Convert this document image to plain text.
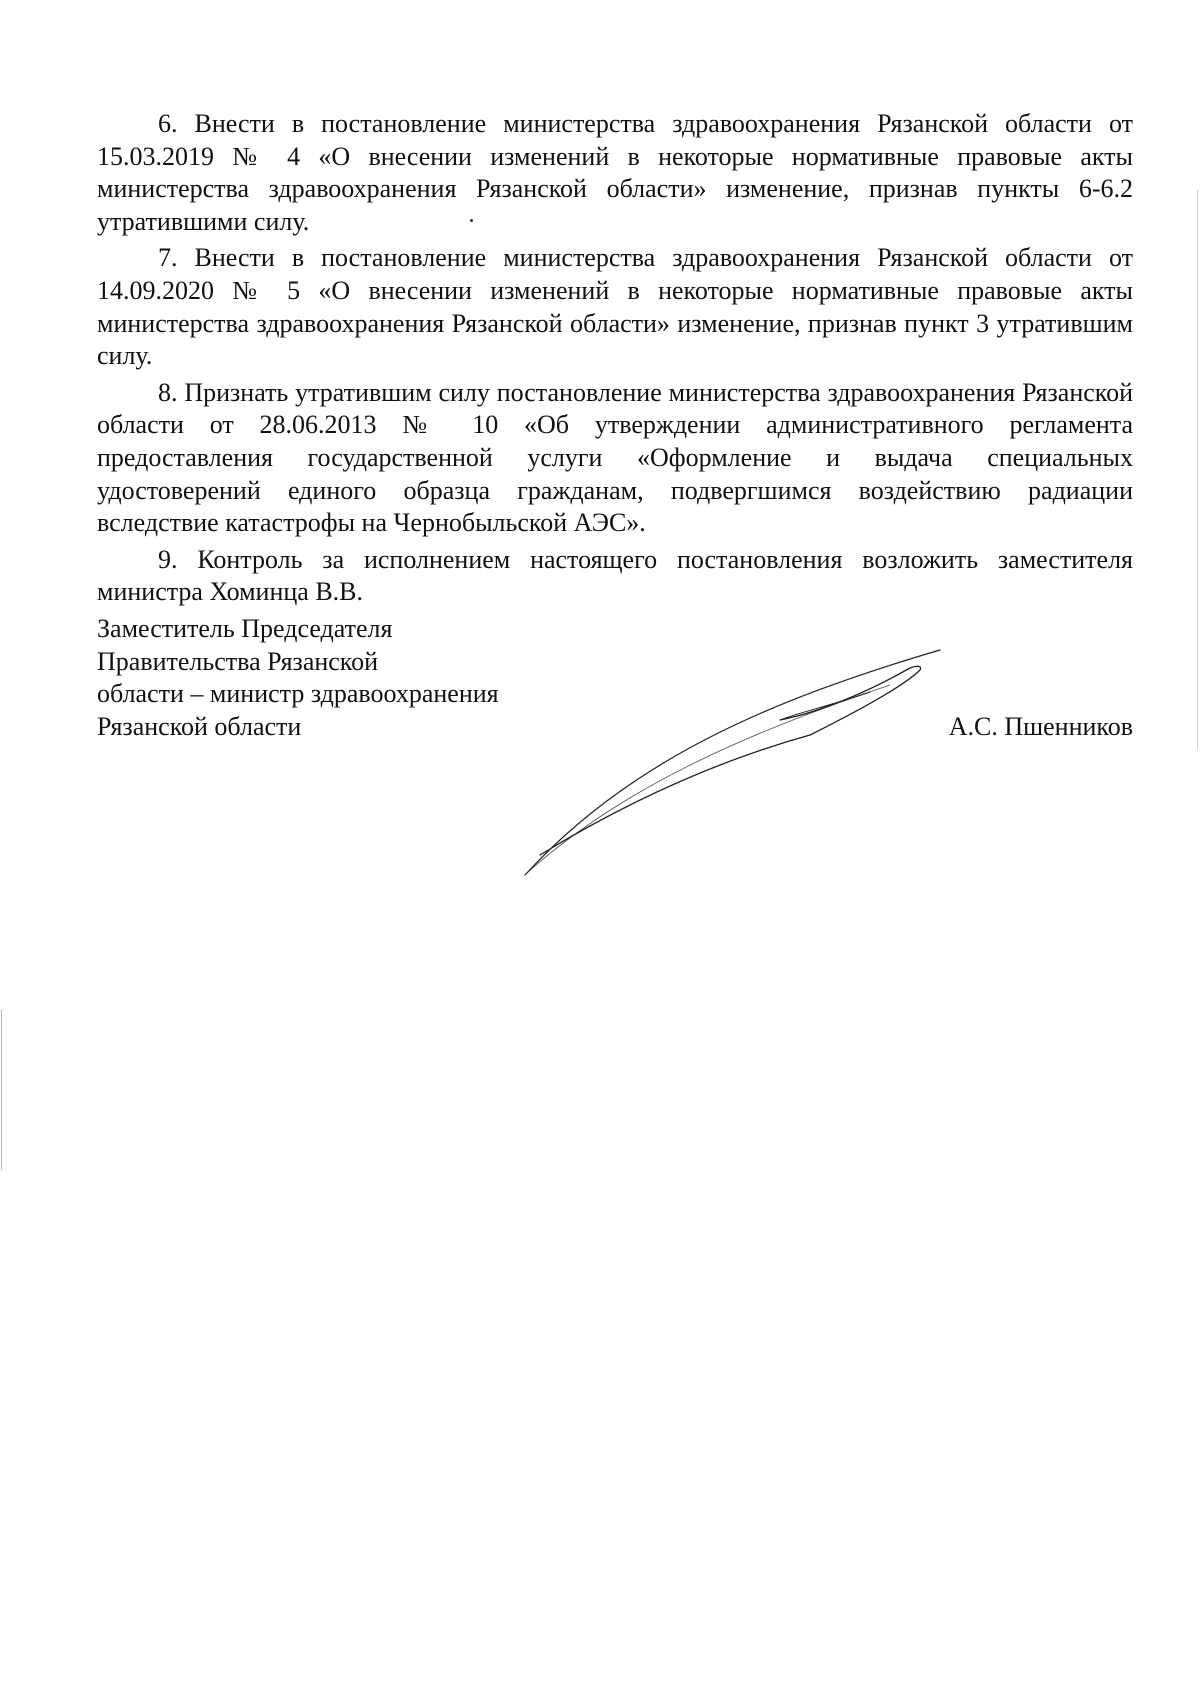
6. Внести в постановление министерства здравоохранения Рязанской области от 15.03.2019 № 4 «О внесении изменений в некоторые нормативные правовые акты министерства здравоохранения Рязанской области» изменение, признав пункты 6-6.2 утратившими силу.

7. Внести в постановление министерства здравоохранения Рязанской области от 14.09.2020 № 5 «О внесении изменений в некоторые нормативные правовые акты министерства здравоохранения Рязанской области» изменение, признав пункт 3 утратившим силу.

8. Признать утратившим силу постановление министерства здравоохранения Рязанской области от 28.06.2013 № 10 «Об утверждении административного регламента предоставления государственной услуги «Оформление и выдача специальных удостоверений единого образца гражданам, подвергшимся воздействию радиации вследствие катастрофы на Чернобыльской АЭС».

9. Контроль за исполнением настоящего постановления возложить заместителя министра Хоминца В.В.

Заместитель Председателя
Правительства Рязанской
области – министр здравоохранения
Рязанской области	А.С. Пшенников
